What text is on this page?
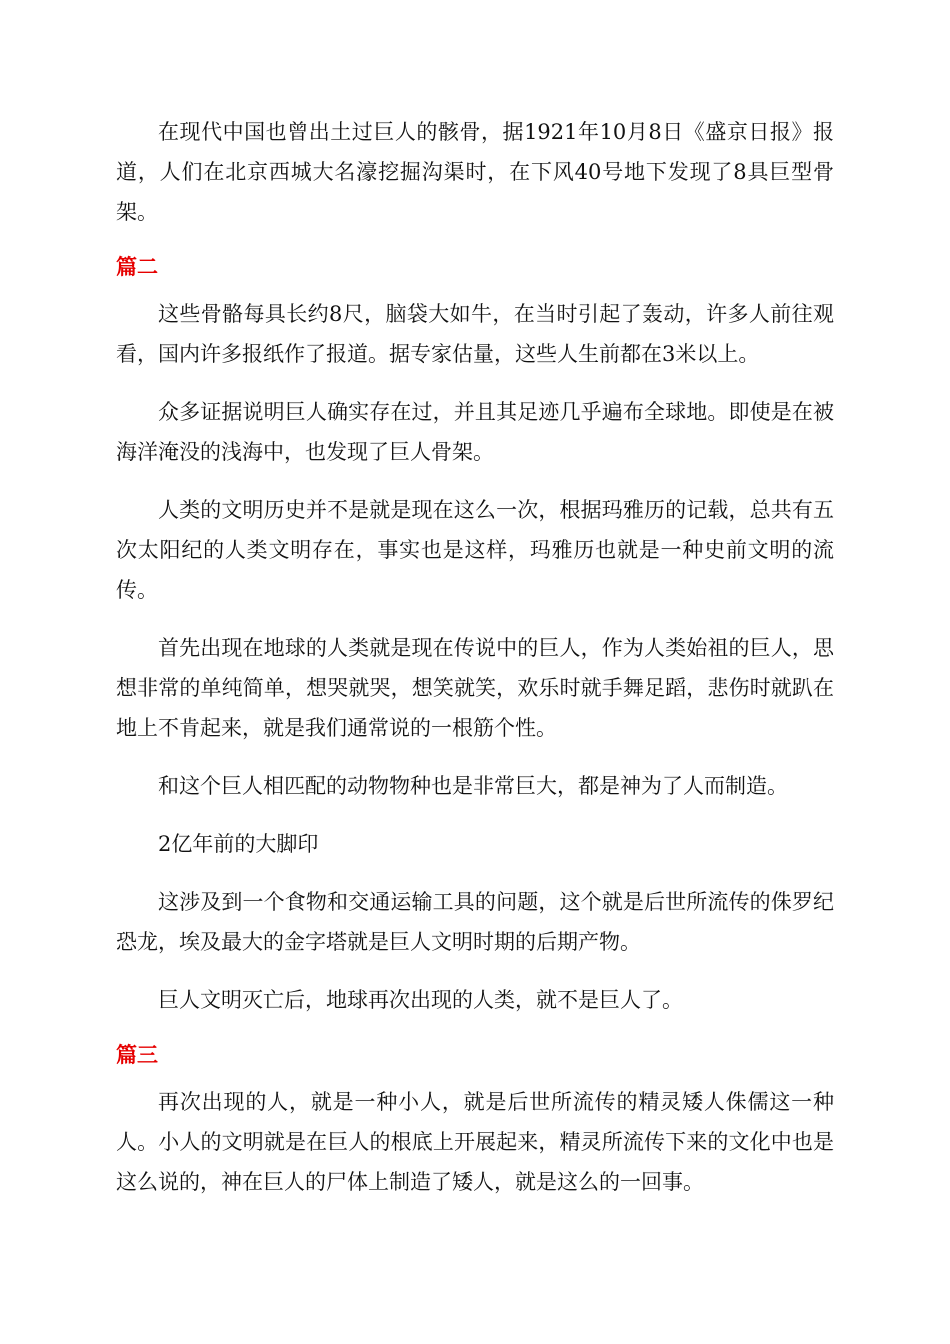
在现代中国也曾出土过巨人的骸骨，据1921年10月8日《盛京日报》报道，人们在北京西城大名濠挖掘沟渠时，在下风40号地下发现了8具巨型骨架。

篇二

这些骨骼每具长约8尺，脑袋大如牛，在当时引起了轰动，许多人前往观看，国内许多报纸作了报道。据专家估量，这些人生前都在3米以上。

众多证据说明巨人确实存在过，并且其足迹几乎遍布全球地。即使是在被海洋淹没的浅海中，也发现了巨人骨架。

人类的文明历史并不是就是现在这么一次，根据玛雅历的记载，总共有五次太阳纪的人类文明存在，事实也是这样，玛雅历也就是一种史前文明的流传。

首先出现在地球的人类就是现在传说中的巨人，作为人类始祖的巨人，思想非常的单纯简单，想哭就哭，想笑就笑，欢乐时就手舞足蹈，悲伤时就趴在地上不肯起来，就是我们通常说的一根筋个性。

和这个巨人相匹配的动物物种也是非常巨大，都是神为了人而制造。

2亿年前的大脚印

这涉及到一个食物和交通运输工具的问题，这个就是后世所流传的侏罗纪恐龙，埃及最大的金字塔就是巨人文明时期的后期产物。

巨人文明灭亡后，地球再次出现的人类，就不是巨人了。

篇三

再次出现的人，就是一种小人，就是后世所流传的精灵矮人侏儒这一种人。小人的文明就是在巨人的根底上开展起来，精灵所流传下来的文化中也是这么说的，神在巨人的尸体上制造了矮人，就是这么的一回事。
